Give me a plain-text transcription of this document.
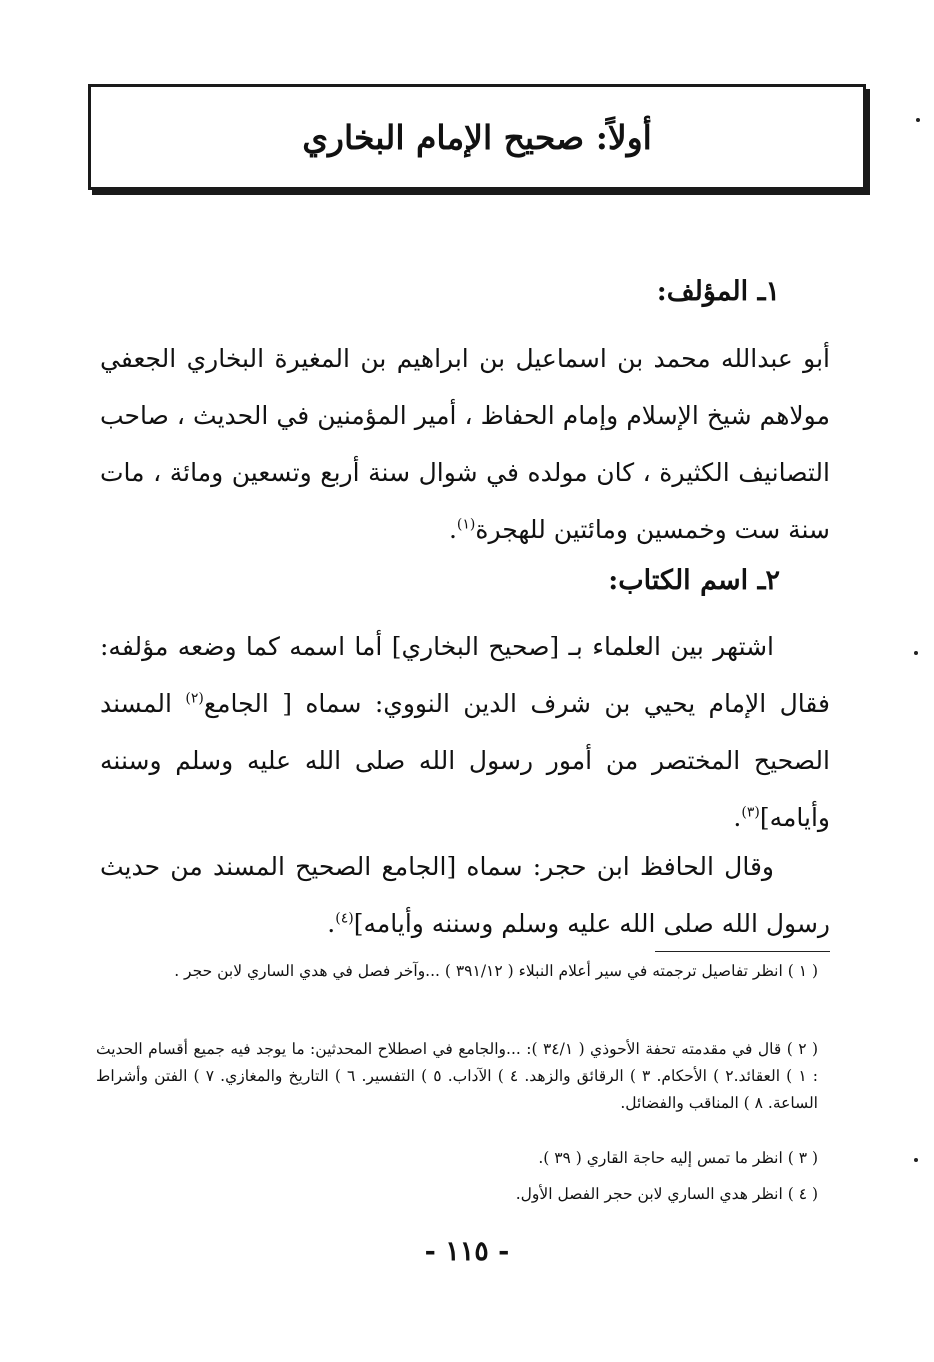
أولاً: صحيح الإمام البخاري
١ـ المؤلف:
أبو عبدالله محمد بن اسماعيل بن ابراهيم بن المغيرة البخاري الجعفي مولاهم شيخ الإسلام وإمام الحفاظ ، أمير المؤمنين في الحديث ، صاحب التصانيف الكثيرة ، كان مولده في شوال سنة أربع وتسعين ومائة ، مات سنة ست وخمسين ومائتين للهجرة$^{(١)}$.
٢ـ اسم الكتاب:
اشتهر بين العلماء بـ [صحيح البخاري] أما اسمه كما وضعه مؤلفه: فقال الإمام يحيي بن شرف الدين النووي: سماه [ الجامع$^{(٢)}$ المسند الصحيح المختصر من أمور رسول الله صلى الله عليه وسلم وسننه وأيامه]$^{(٣)}$.
وقال الحافظ ابن حجر: سماه [الجامع الصحيح المسند من حديث رسول الله صلى الله عليه وسلم وسننه وأيامه]$^{(٤)}$.
( ١ ) انظر تفاصيل ترجمته في سير أعلام النبلاء ( ٣٩١/١٢ ) ...وآخر فصل في هدي الساري لابن حجر .
( ٢ ) قال في مقدمته تحفة الأحوذي ( ٣٤/١ ): ...والجامع في اصطلاح المحدثين: ما يوجد فيه جميع أقسام الحديث : ١ ) العقائد.٢ ) الأحكام. ٣ ) الرقائق والزهد. ٤ ) الآداب. ٥ ) التفسير. ٦ ) التاريخ والمغازي. ٧ ) الفتن وأشراط الساعة. ٨ ) المناقب والفضائل.
( ٣ ) انظر ما تمس إليه حاجة القاري ( ٣٩ ).
( ٤ ) انظر هدي الساري لابن حجر الفصل الأول.
- ١١٥ -
